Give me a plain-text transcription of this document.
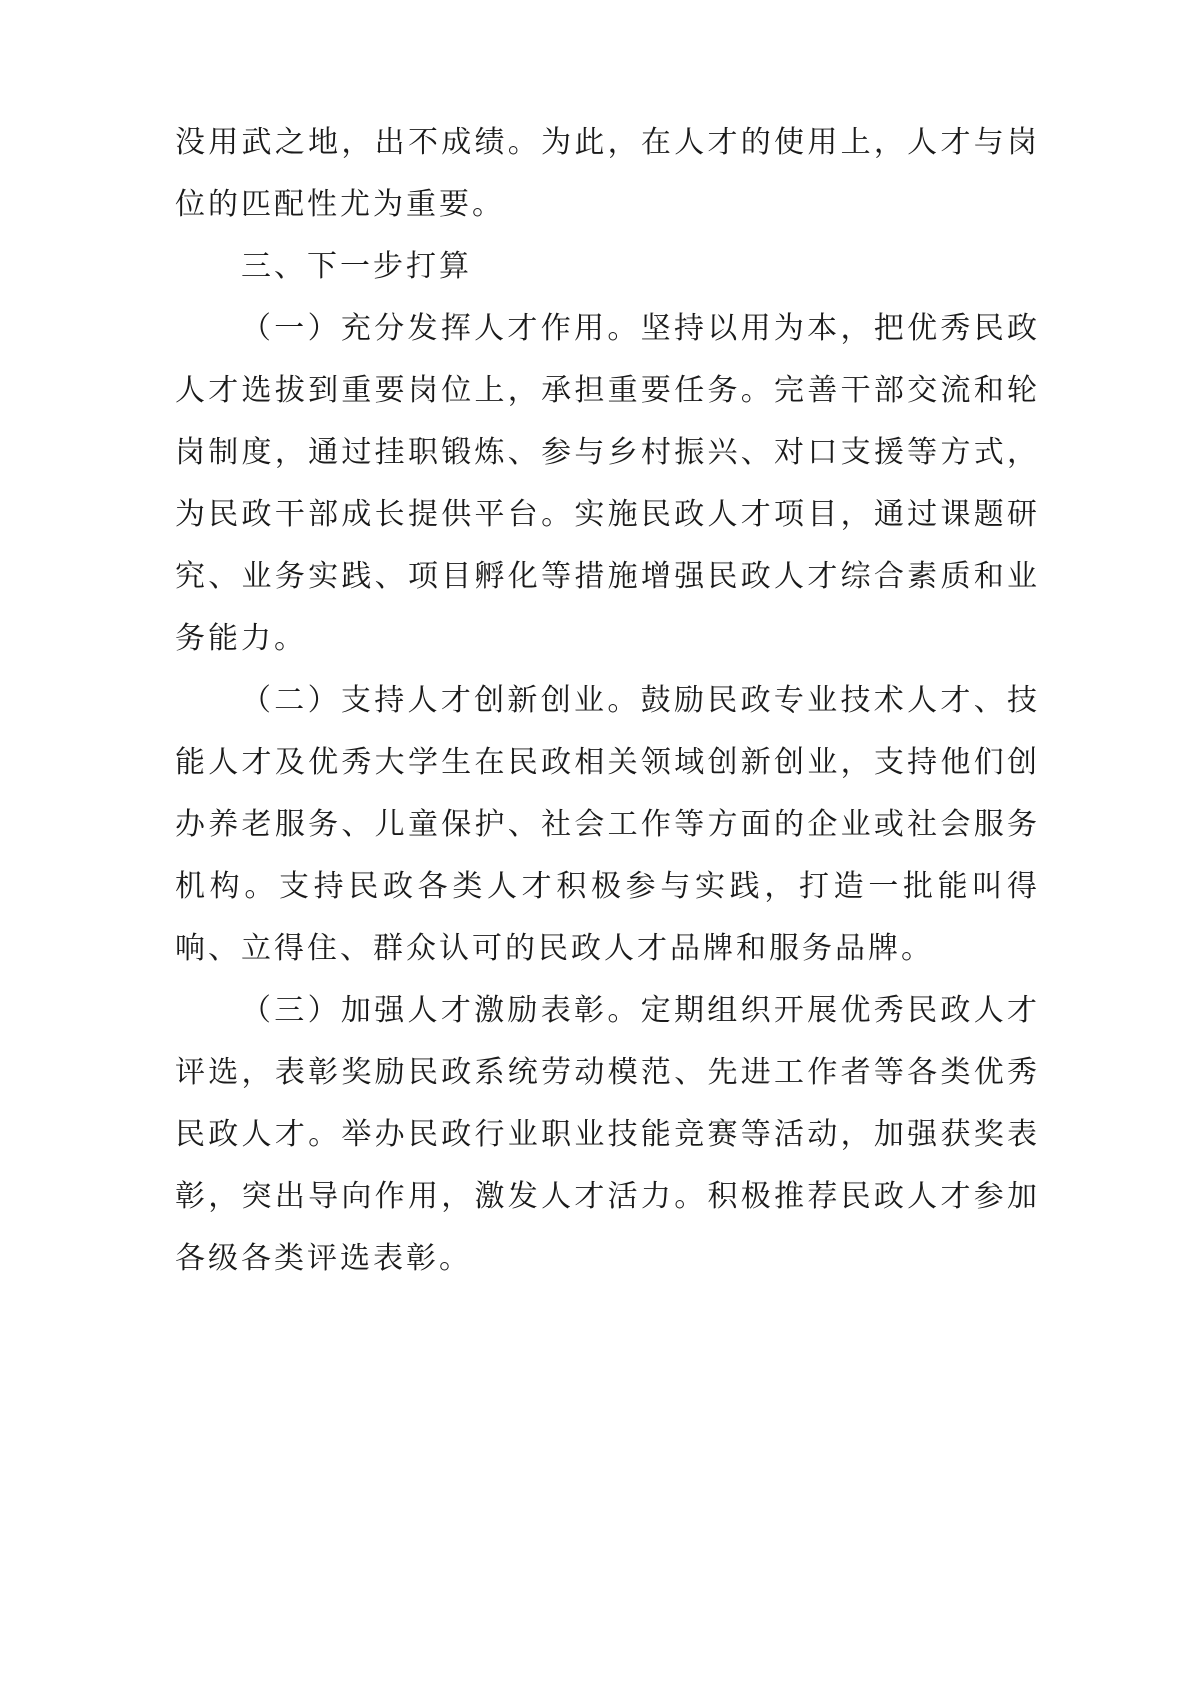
没用武之地，出不成绩。为此，在人才的使用上，人才与岗位的匹配性尤为重要。

三、下一步打算

（一）充分发挥人才作用。坚持以用为本，把优秀民政人才选拔到重要岗位上，承担重要任务。完善干部交流和轮岗制度，通过挂职锻炼、参与乡村振兴、对口支援等方式，为民政干部成长提供平台。实施民政人才项目，通过课题研究、业务实践、项目孵化等措施增强民政人才综合素质和业务能力。

（二）支持人才创新创业。鼓励民政专业技术人才、技能人才及优秀大学生在民政相关领域创新创业，支持他们创办养老服务、儿童保护、社会工作等方面的企业或社会服务机构。支持民政各类人才积极参与实践，打造一批能叫得响、立得住、群众认可的民政人才品牌和服务品牌。

（三）加强人才激励表彰。定期组织开展优秀民政人才评选，表彰奖励民政系统劳动模范、先进工作者等各类优秀民政人才。举办民政行业职业技能竞赛等活动，加强获奖表彰，突出导向作用，激发人才活力。积极推荐民政人才参加各级各类评选表彰。
